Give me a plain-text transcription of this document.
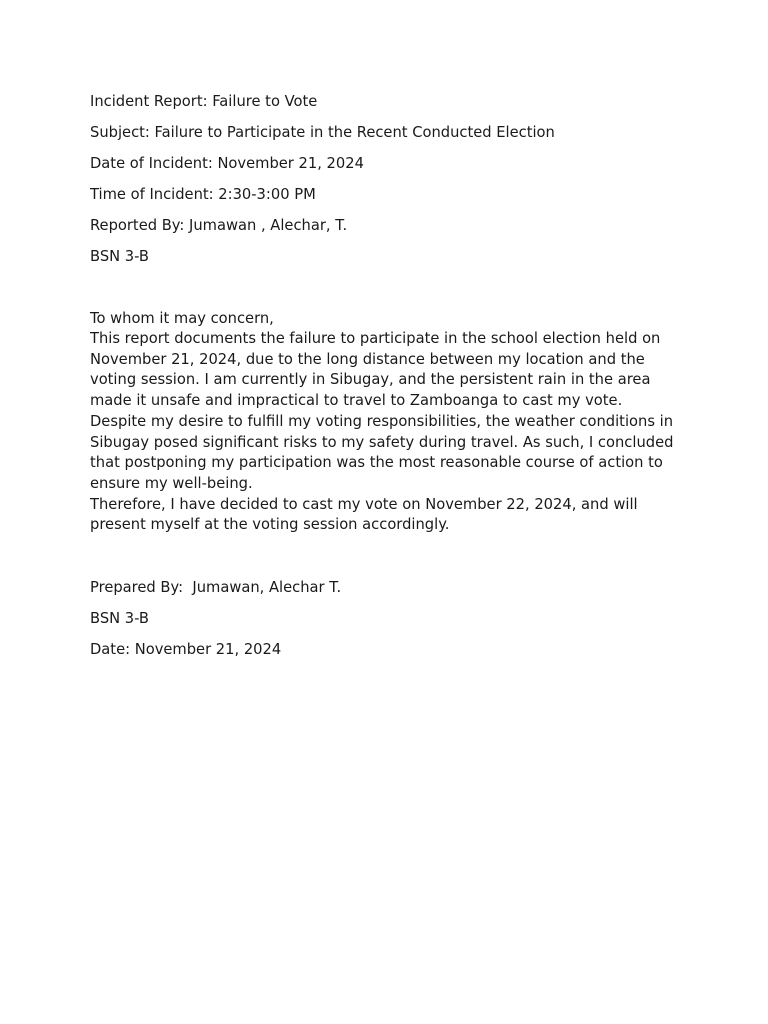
Incident Report: Failure to Vote

Subject: Failure to Participate in the Recent Conducted Election

Date of Incident: November 21, 2024

Time of Incident: 2:30-3:00 PM

Reported By: Jumawan , Alechar, T.

BSN 3-B

To whom it may concern,

This report documents the failure to participate in the school election held on November 21, 2024, due to the long distance between my location and the voting session. I am currently in Sibugay, and the persistent rain in the area made it unsafe and impractical to travel to Zamboanga to cast my vote.

Despite my desire to fulfill my voting responsibilities, the weather conditions in Sibugay posed significant risks to my safety during travel. As such, I concluded that postponing my participation was the most reasonable course of action to ensure my well-being.

Therefore, I have decided to cast my vote on November 22, 2024, and will present myself at the voting session accordingly.

Prepared By:  Jumawan, Alechar T.

BSN 3-B

Date: November 21, 2024
